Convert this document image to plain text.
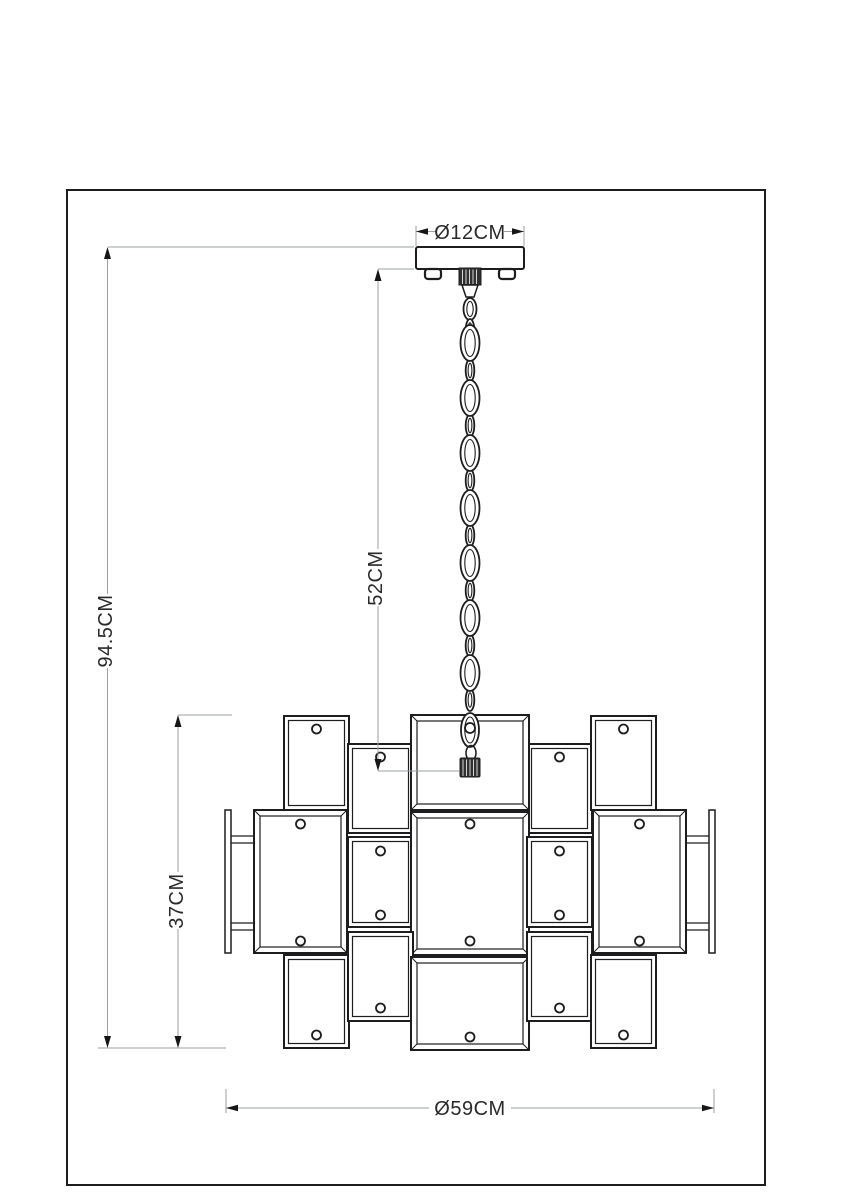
Ø12CM
94.5CM
52CM
37CM
Ø59CM
